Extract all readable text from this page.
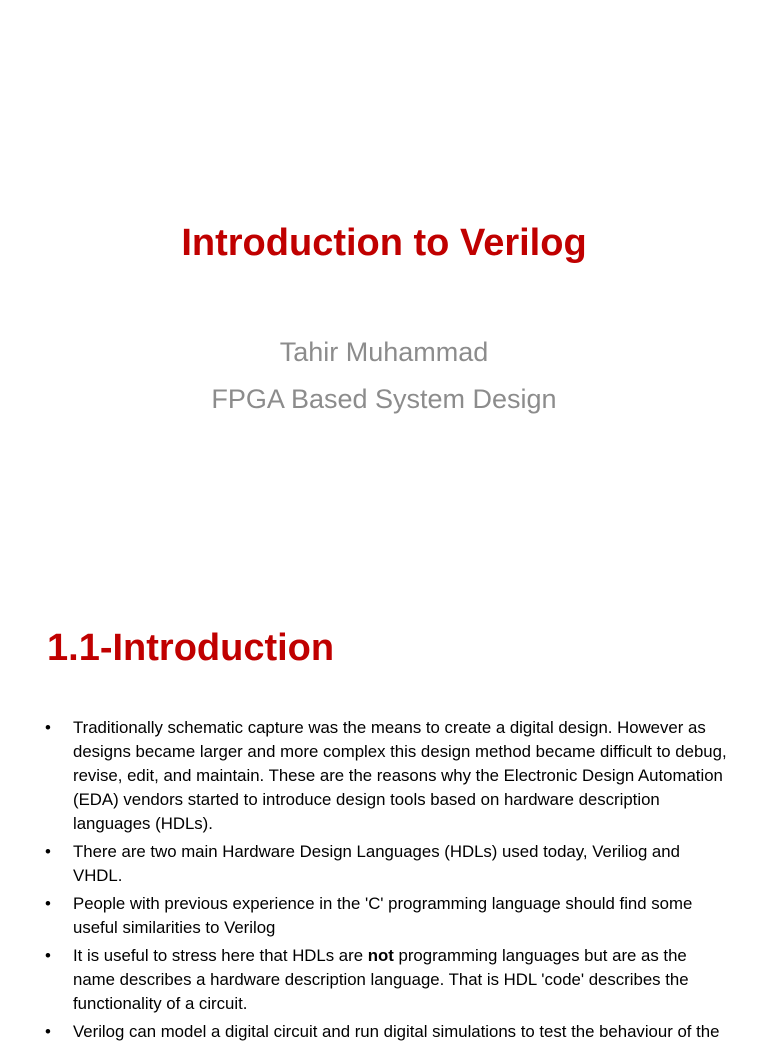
Introduction to Verilog

Tahir Muhammad

FPGA Based System Design

1.1-Introduction
• Traditionally schematic capture was the means to create a digital design. However as designs became larger and more complex this design method became difficult to debug, revise, edit, and maintain. These are the reasons why the Electronic Design Automation (EDA) vendors started to introduce design tools based on hardware description languages (HDLs).
• There are two main Hardware Design Languages (HDLs) used today, Veriliog and VHDL.
• People with previous experience in the 'C' programming language should find some useful similarities to Verilog
• It is useful to stress here that HDLs are not programming languages but are as the name describes a hardware description language. That is HDL 'code' describes the functionality of a circuit.
• Verilog can model a digital circuit and run digital simulations to test the behaviour of the
